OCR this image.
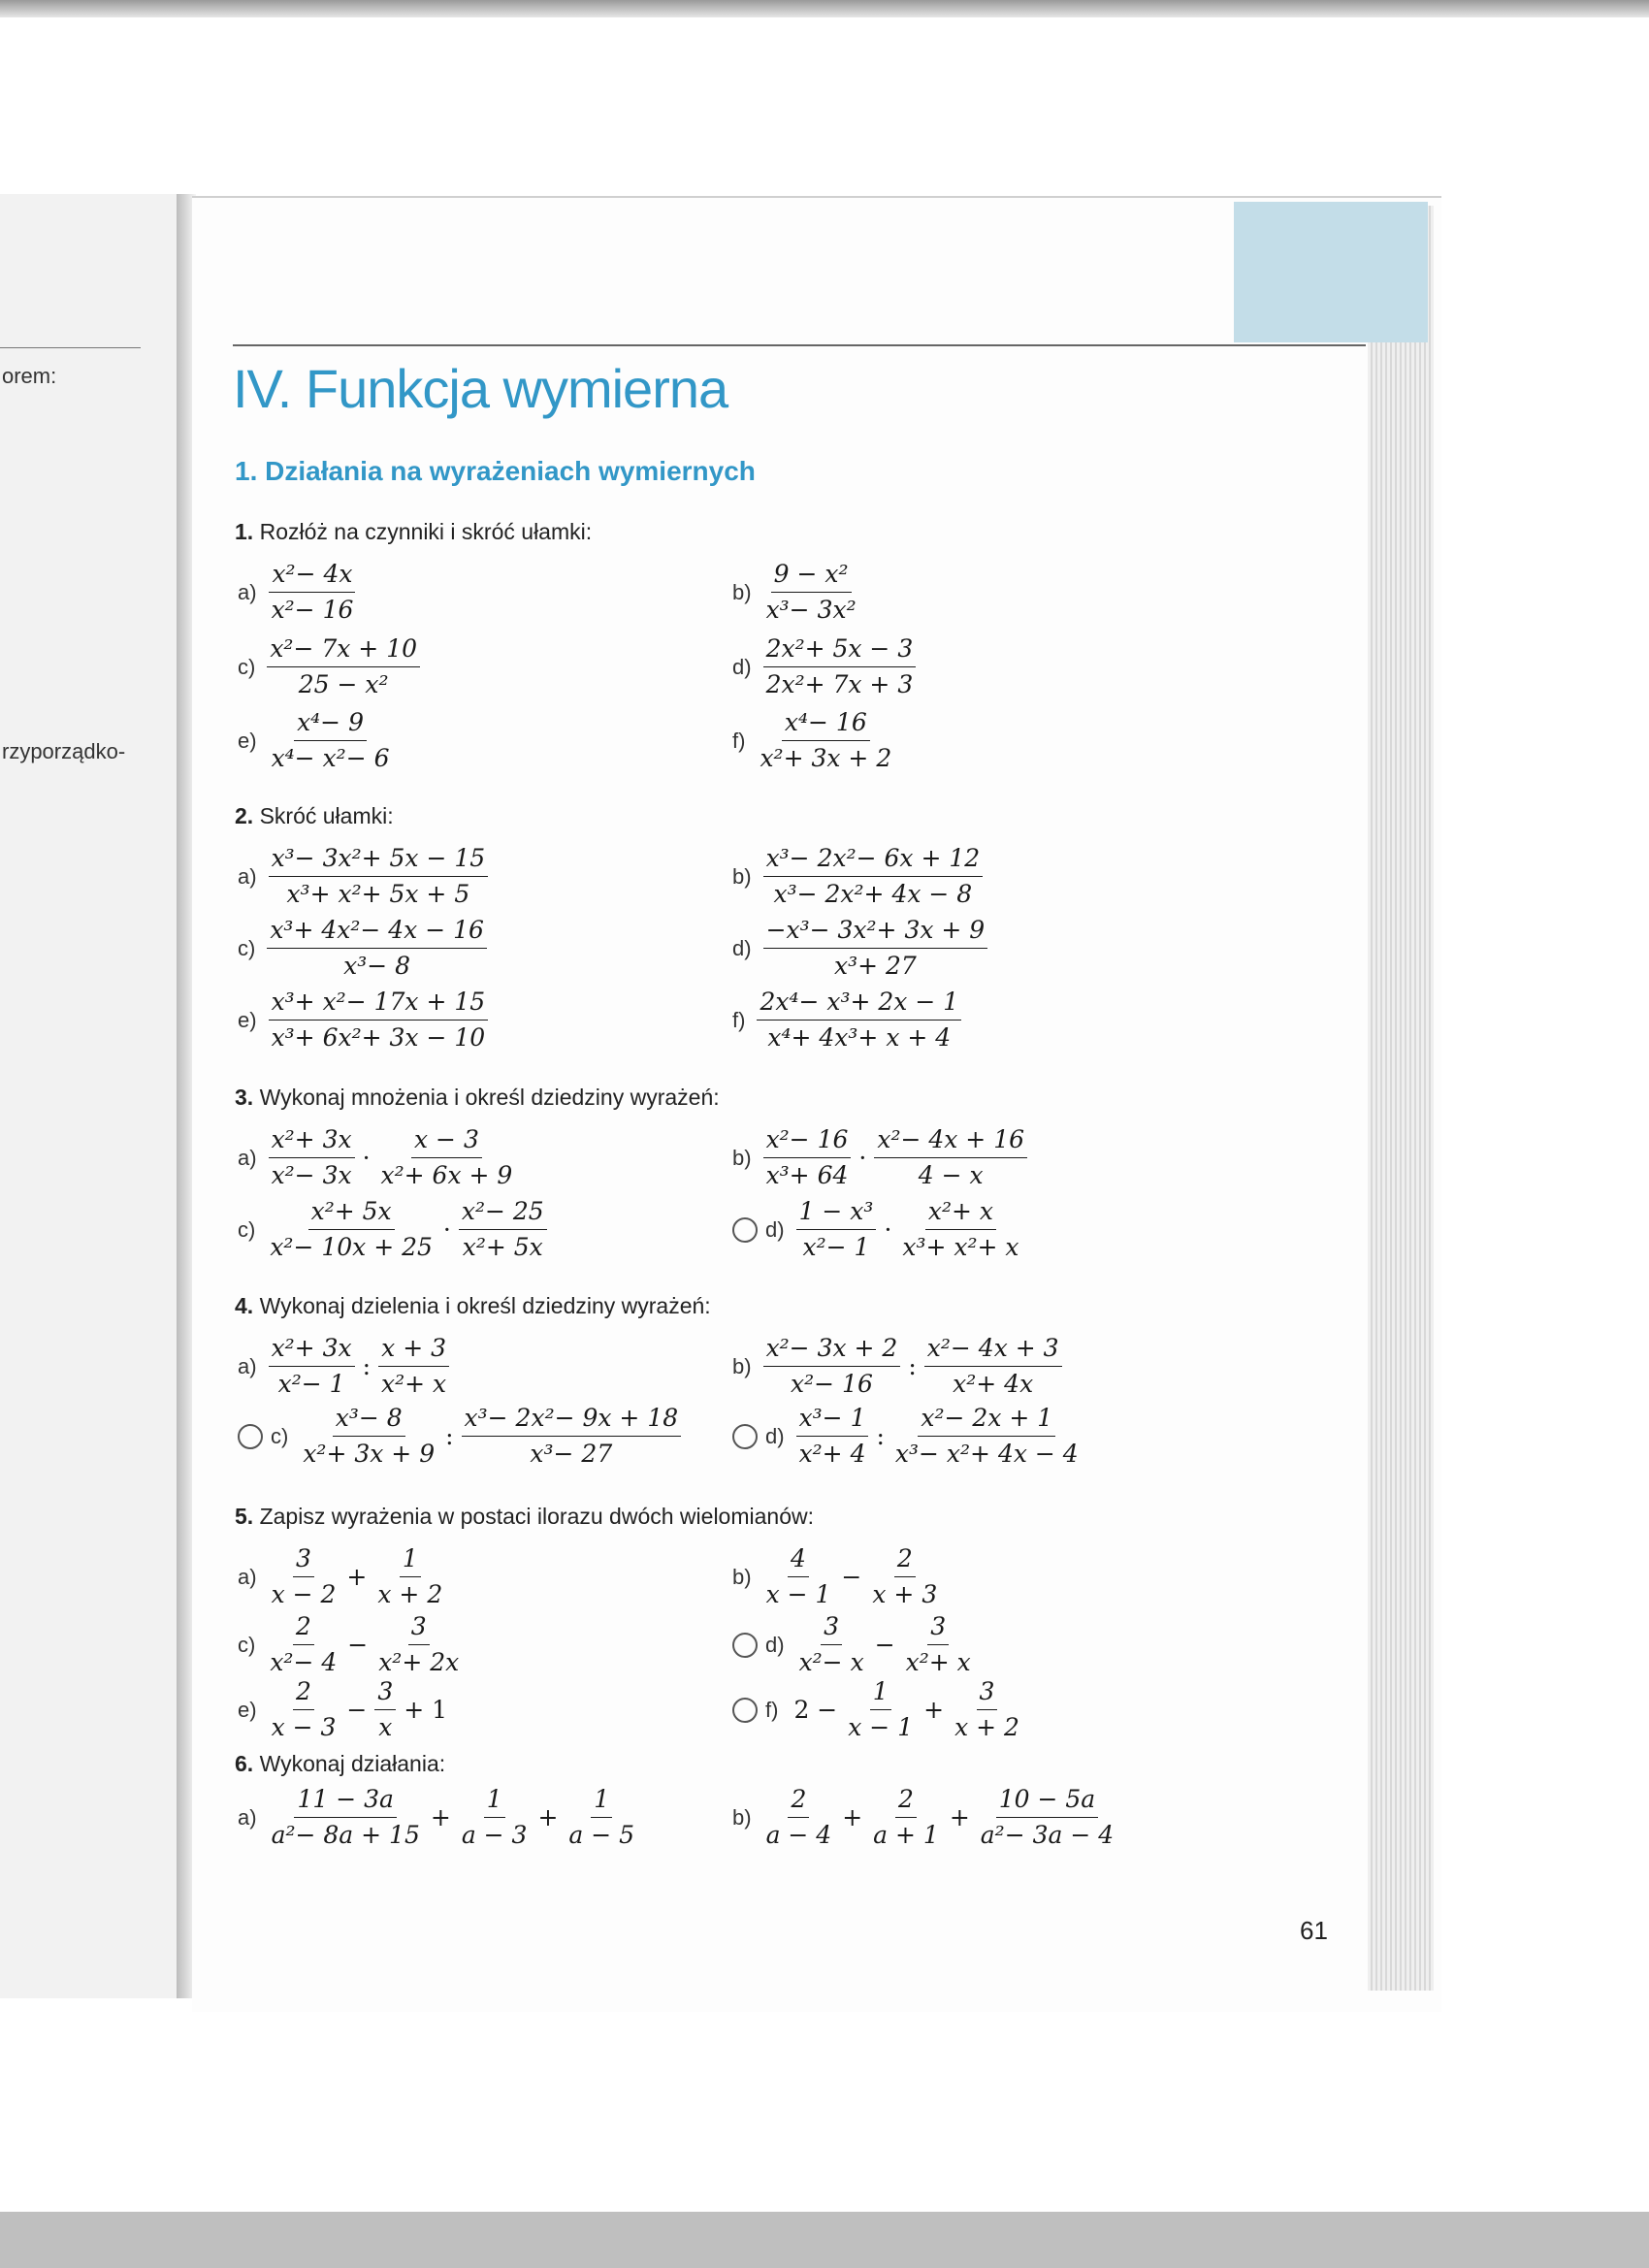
orem:
rzyporządko-
IV. Funkcja wymierna
1. Działania na wyrażeniach wymiernych
1. Rozłóż na czynniki i skróć ułamki:
2. Skróć ułamki:
3. Wykonaj mnożenia i określ dziedziny wyrażeń:
4. Wykonaj dzielenia i określ dziedziny wyrażeń:
5. Zapisz wyrażenia w postaci ilorazu dwóch wielomianów:
6. Wykonaj działania:
$a) \frac{\text{x²− 4x}}{\text{x²− 16}}$	$b) \frac{\text{9 − x²}}{\text{x³− 3x²}}$
$c) \frac{\text{x²− 7x + 10}}{\text{25 − x²}}$	$d) \frac{\text{2x²+ 5x − 3}}{\text{2x²+ 7x + 3}}$
$e) \frac{\text{x⁴− 9}}{\text{x⁴− x²− 6}}$	$f) \frac{\text{x⁴− 16}}{\text{x²+ 3x + 2}}$
$a) \frac{\text{x³− 3x²+ 5x − 15}}{\text{x³+ x²+ 5x + 5}}$	$b) \frac{\text{x³− 2x²− 6x + 12}}{\text{x³− 2x²+ 4x − 8}}$
$c) \frac{\text{x³+ 4x²− 4x − 16}}{\text{x³− 8}}$	$d) \frac{\text{−x³− 3x²+ 3x + 9}}{\text{x³+ 27}}$
$e) \frac{\text{x³+ x²− 17x + 15}}{\text{x³+ 6x²+ 3x − 10}}$	$f) \frac{\text{2x⁴− x³+ 2x − 1}}{\text{x⁴+ 4x³+ x + 4}}$
$a) \frac{\text{x²+ 3x}}{\text{x²− 3x}} \cdot \frac{x - 3}{\text{x²+ 6x + 9}}$	$b) \frac{\text{x²− 16}}{\text{x³+ 64}} \cdot \frac{\text{x²− 4x + 16}}{4 - x}$
$c) \frac{\text{x²+ 5x}}{\text{x²− 10x + 25}} \cdot \frac{\text{x²− 25}}{\text{x²+ 5x}}$	$d) \frac{\text{1 − x³}}{\text{x²− 1}} \cdot \frac{\text{x²+ x}}{\text{x³+ x²+ x}}$
$a) \frac{\text{x²+ 3x}}{\text{x²− 1}}$ : $\frac{x + 3}{\text{x²+ x}}$	$b) \frac{\text{x²− 3x + 2}}{\text{x²− 16}}$ : $\frac{\text{x²− 4x + 3}}{\text{x²+ 4x}}$
$c) \frac{\text{x³− 8}}{\text{x²+ 3x + 9}}$ : $\frac{\text{x³− 2x²− 9x + 18}}{\text{x³− 27}}$	$d) \frac{\text{x³− 1}}{\text{x²+ 4}}$ : $\frac{\text{x²− 2x + 1}}{\text{x³− x²+ 4x − 4}}$
$a) \frac{3}{x - 2} + \frac{1}{x + 2}$	$b) \frac{4}{x - 1} - \frac{2}{x + 3}$
$c) \frac{2}{\text{x²− 4}} - \frac{3}{\text{x²+ 2x}}$	$d) \frac{3}{\text{x²− x}} - \frac{3}{\text{x²+ x}}$
$e) \frac{2}{x - 3} - \frac{3}{x} + 1$	f) $2 - \frac{1}{x - 1} + \frac{3}{x + 2}$
$a) \frac{11 - 3a}{\text{a²− 8a + 15}} + \frac{1}{a - 3} + \frac{1}{a - 5}$	$b) \frac{2}{a - 4} + \frac{2}{a + 1} + \frac{10 - 5a}{\text{a²− 3a − 4}}$
61
